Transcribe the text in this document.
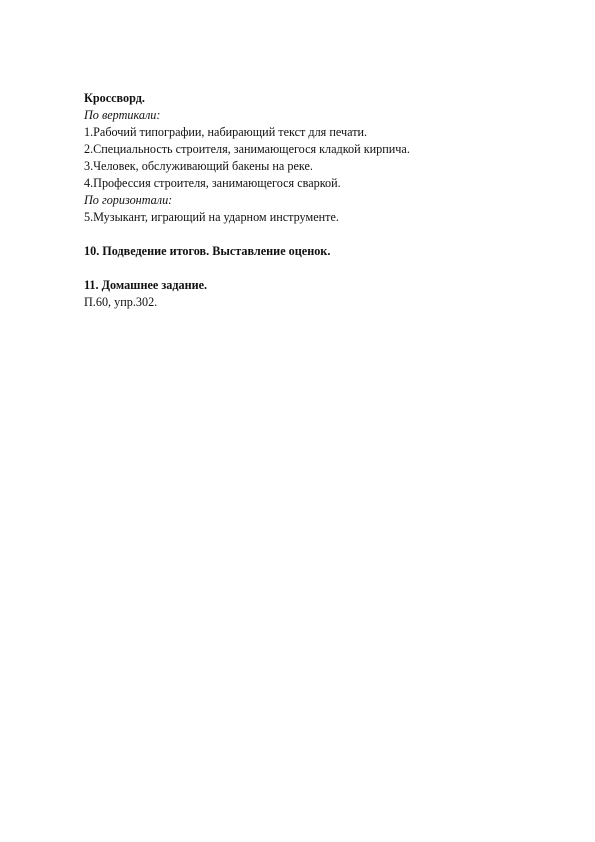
Кроссворд.
По вертикали:
1.Рабочий типографии, набирающий текст для печати.
2.Специальность строителя, занимающегося кладкой кирпича.
3.Человек, обслуживающий бакены на реке.
4.Профессия строителя, занимающегося сваркой.
По горизонтали:
5.Музыкант, играющий на ударном инструменте.
10. Подведение итогов. Выставление оценок.
11. Домашнее задание.
П.60, упр.302.
